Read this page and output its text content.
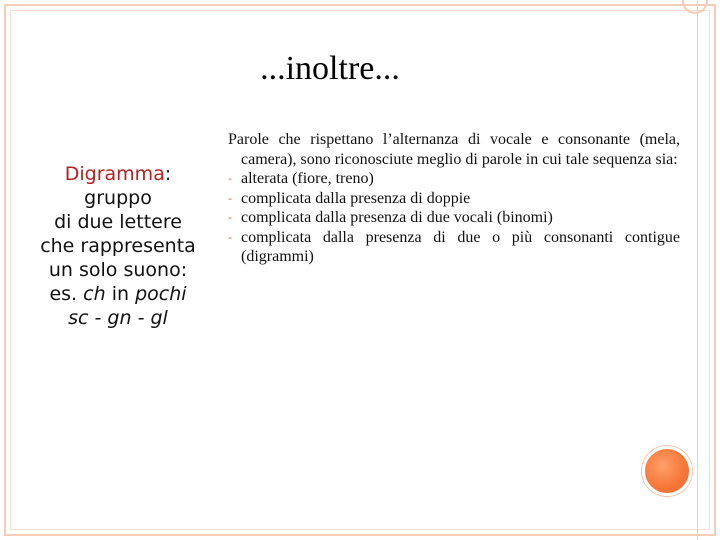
...inoltre...
Digramma:
gruppo
di due lettere
che rappresenta
un solo suono:
es. ch in pochi
sc - gn - gl
Parole che rispettano l’alternanza di vocale e consonante (mela, camera), sono riconosciute meglio di parole in cui tale sequenza sia:
- alterata (fiore, treno)
- complicata dalla presenza di doppie
- complicata dalla presenza di due vocali (binomi)
- complicata dalla presenza di due o più consonanti contigue (digrammi)
